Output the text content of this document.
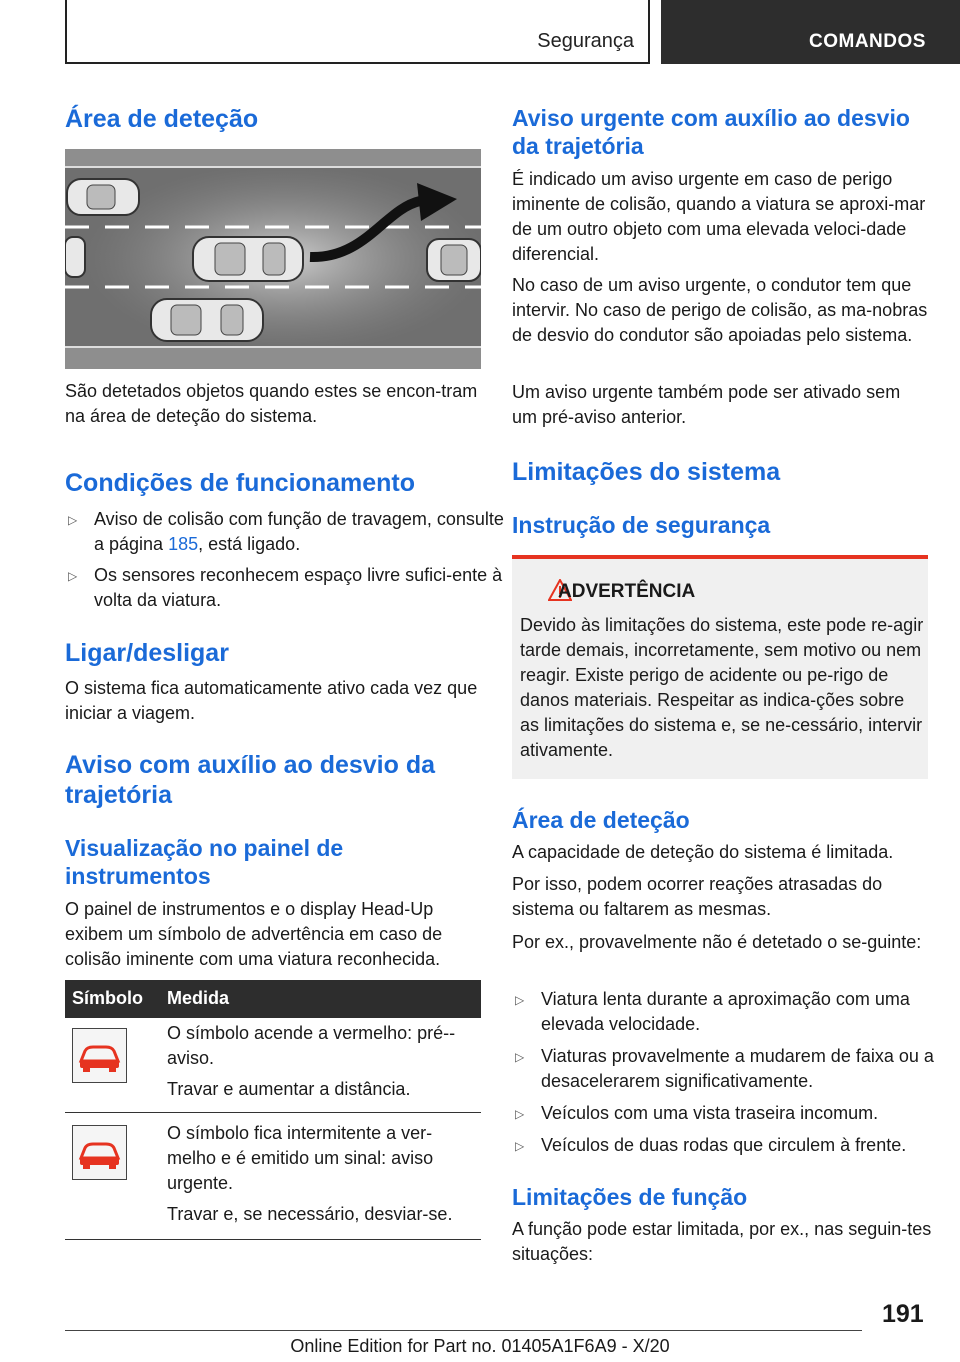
Segurança	COMANDOS
Área de deteção

São detetados objetos quando estes se encon‐tram na área de deteção do sistema.

Condições de funcionamento
▷ Aviso de colisão com função de travagem, consulte a página 185, está ligado.
▷ Os sensores reconhecem espaço livre sufici‐ente à volta da viatura.
Ligar/desligar

O sistema fica automaticamente ativo cada vez que iniciar a viagem.

Aviso com auxílio ao desvio da trajetória
Visualização no painel de instrumentos

O painel de instrumentos e o display Head-Up exibem um símbolo de advertência em caso de colisão iminente com uma viatura reconhecida.

Símbolo Medida
O símbolo acende a vermelho: pré‐-aviso.
Travar e aumentar a distância.
O símbolo fica intermitente a ver‐melho e é emitido um sinal: aviso urgente.
Travar e, se necessário, desviar-se.
Aviso urgente com auxílio ao desvio da trajetória

É indicado um aviso urgente em caso de perigo iminente de colisão, quando a viatura se aproxi‐mar de um outro objeto com uma elevada veloci‐dade diferencial.

No caso de um aviso urgente, o condutor tem que intervir. No caso de perigo de colisão, as ma‐nobras de desvio do condutor são apoiadas pelo sistema.

Um aviso urgente também pode ser ativado sem um pré-aviso anterior.

Limitações do sistema
Instrução de segurança
ADVERTÊNCIA

Devido às limitações do sistema, este pode re‐agir tarde demais, incorretamente, sem motivo ou nem reagir. Existe perigo de acidente ou pe‐rigo de danos materiais. Respeitar as indica‐ções sobre as limitações do sistema e, se ne‐cessário, intervir ativamente.

Área de deteção

A capacidade de deteção do sistema é limitada.

Por isso, podem ocorrer reações atrasadas do sistema ou faltarem as mesmas.

Por ex., provavelmente não é detetado o se‐guinte:

▷ Viatura lenta durante a aproximação com uma elevada velocidade.
▷ Viaturas provavelmente a mudarem de faixa ou a desacelerarem significativamente.
▷ Veículos com uma vista traseira incomum.
▷ Veículos de duas rodas que circulem à frente.
Limitações de função

A função pode estar limitada, por ex., nas seguin‐tes situações:

191
Online Edition for Part no. 01405A1F6A9 - X/20
